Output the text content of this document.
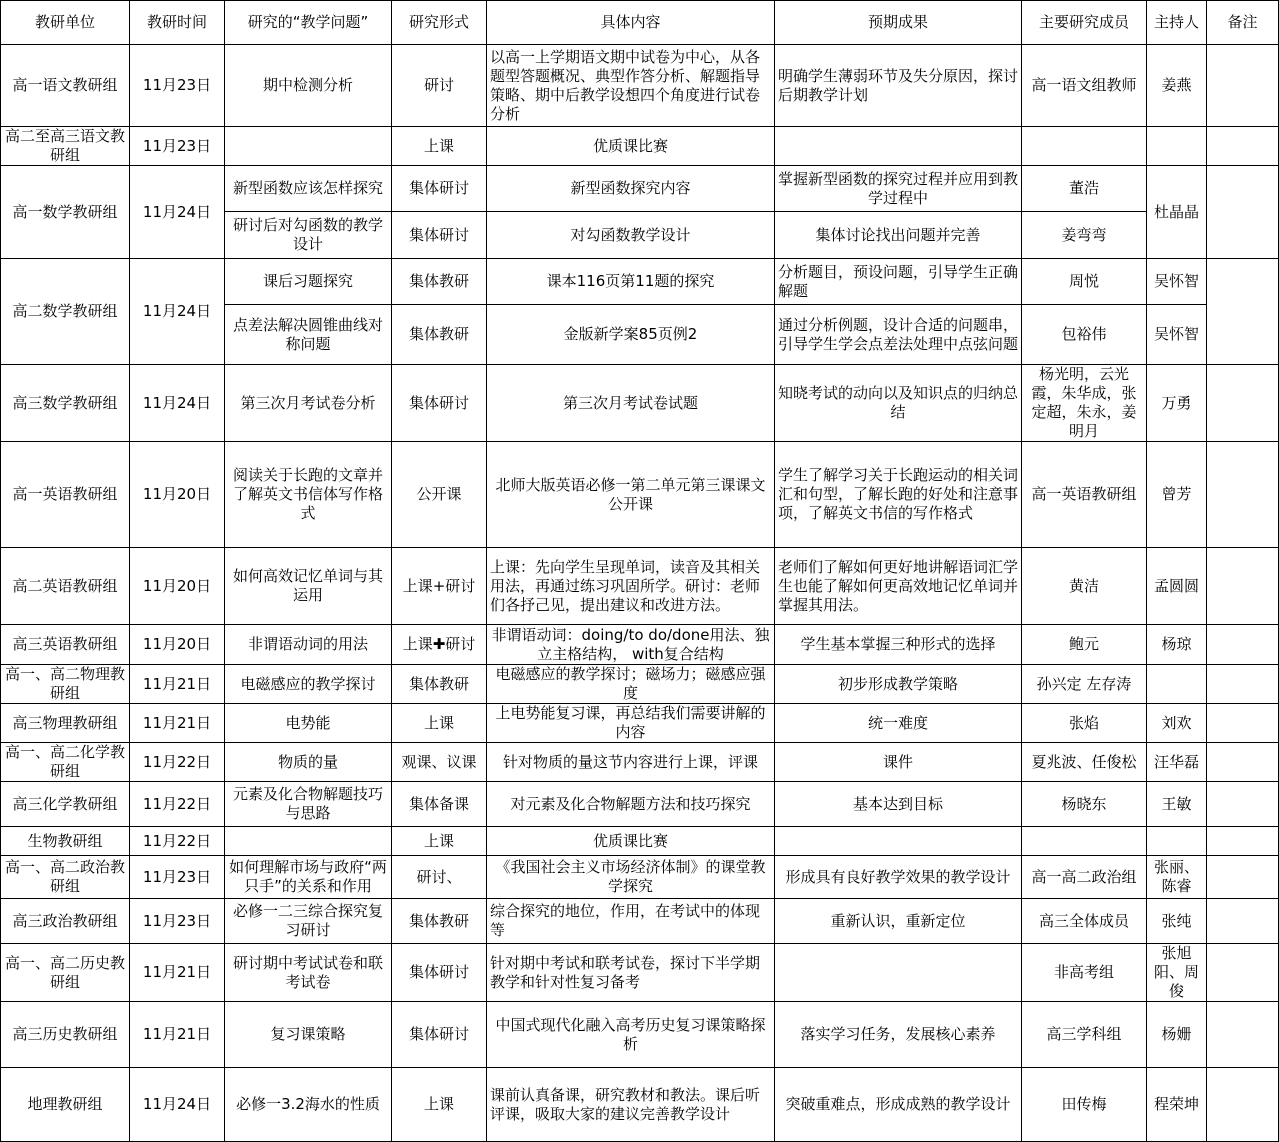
教研单位	教研时间	研究的“教学问题”	研究形式	具体内容	预期成果	主要研究成员	主持人	备注
高一语文教研组	11月23日	期中检测分析	研讨	以高一上学期语文期中试卷为中心，从各题型答题概况、典型作答分析、解题指导策略、期中后教学设想四个角度进行试卷分析	明确学生薄弱环节及失分原因，探讨后期教学计划	高一语文组教师	姜燕	
高二至高三语文教研组	11月23日		上课	优质课比赛				
高一数学教研组	11月24日	新型函数应该怎样探究	集体研讨	新型函数探究内容	掌握新型函数的探究过程并应用到教学过程中	董浩	杜晶晶	
		研讨后对勾函数的教学设计	集体研讨	对勾函数教学设计	集体讨论找出问题并完善	姜弯弯		
高二数学教研组	11月24日	课后习题探究	集体教研	课本116页第11题的探究	分析题目，预设问题，引导学生正确解题	周悦	吴怀智	
		点差法解决圆锥曲线对称问题	集体教研	金版新学案85页例2	通过分析例题，设计合适的问题串，引导学生学会点差法处理中点弦问题	包裕伟	吴怀智	
高三数学教研组	11月24日	第三次月考试卷分析	集体研讨	第三次月考试卷试题	知晓考试的动向以及知识点的归纳总结	杨光明，云光霞，朱华成，张定超，朱永，姜明月	万勇	
高一英语教研组	11月20日	阅读关于长跑的文章并了解英文书信体写作格式	公开课	北师大版英语必修一第二单元第三课课文公开课	学生了解学习关于长跑运动的相关词汇和句型，了解长跑的好处和注意事项，了解英文书信的写作格式	高一英语教研组	曾芳	
高二英语教研组	11月20日	如何高效记忆单词与其运用	上课+研讨	上课：先向学生呈现单词，读音及其相关用法，再通过练习巩固所学。研讨：老师们各抒己见，提出建议和改进方法。	老师们了解如何更好地讲解语词汇学生也能了解如何更高效地记忆单词并掌握其用法。	黄洁	孟圆圆	
高三英语教研组	11月20日	非谓语动词的用法	上课✚研讨	非谓语动词：doing/to do/done用法、独立主格结构， with复合结构	学生基本掌握三种形式的选择	鲍元	杨琼	
高一、高二物理教研组	11月21日	电磁感应的教学探讨	集体教研	电磁感应的教学探讨；磁场力；磁感应强度	初步形成教学策略	孙兴定 左存涛		
高三物理教研组	11月21日	电势能	上课	上电势能复习课，再总结我们需要讲解的内容	统一难度	张焰	刘欢	
高一、高二化学教研组	11月22日	物质的量	观课、议课	针对物质的量这节内容进行上课，评课	课件	夏兆波、任俊松	汪华磊	
高三化学教研组	11月22日	元素及化合物解题技巧与思路	集体备课	对元素及化合物解题方法和技巧探究	基本达到目标	杨晓东	王敏	
生物教研组	11月22日		上课	优质课比赛				
高一、高二政治教研组	11月23日	如何理解市场与政府“两只手”的关系和作用	研讨、	《我国社会主义市场经济体制》的课堂教学探究	形成具有良好教学效果的教学设计	高一高二政治组	张丽、陈睿	
高三政治教研组	11月23日	必修一二三综合探究复习研讨	集体教研	综合探究的地位，作用，在考试中的体现等	重新认识，重新定位	高三全体成员	张纯	
高一、高二历史教研组	11月21日	研讨期中考试试卷和联考试卷	集体研讨	针对期中考试和联考试卷，探讨下半学期教学和针对性复习备考		非高考组	张旭阳、周俊	
高三历史教研组	11月21日	复习课策略	集体研讨	中国式现代化融入高考历史复习课策略探析	落实学习任务，发展核心素养	高三学科组	杨姗	
地理教研组	11月24日	必修一3.2海水的性质	上课	课前认真备课，研究教材和教法。课后听评课，吸取大家的建议完善教学设计	突破重难点，形成成熟的教学设计	田传梅	程荣坤	
